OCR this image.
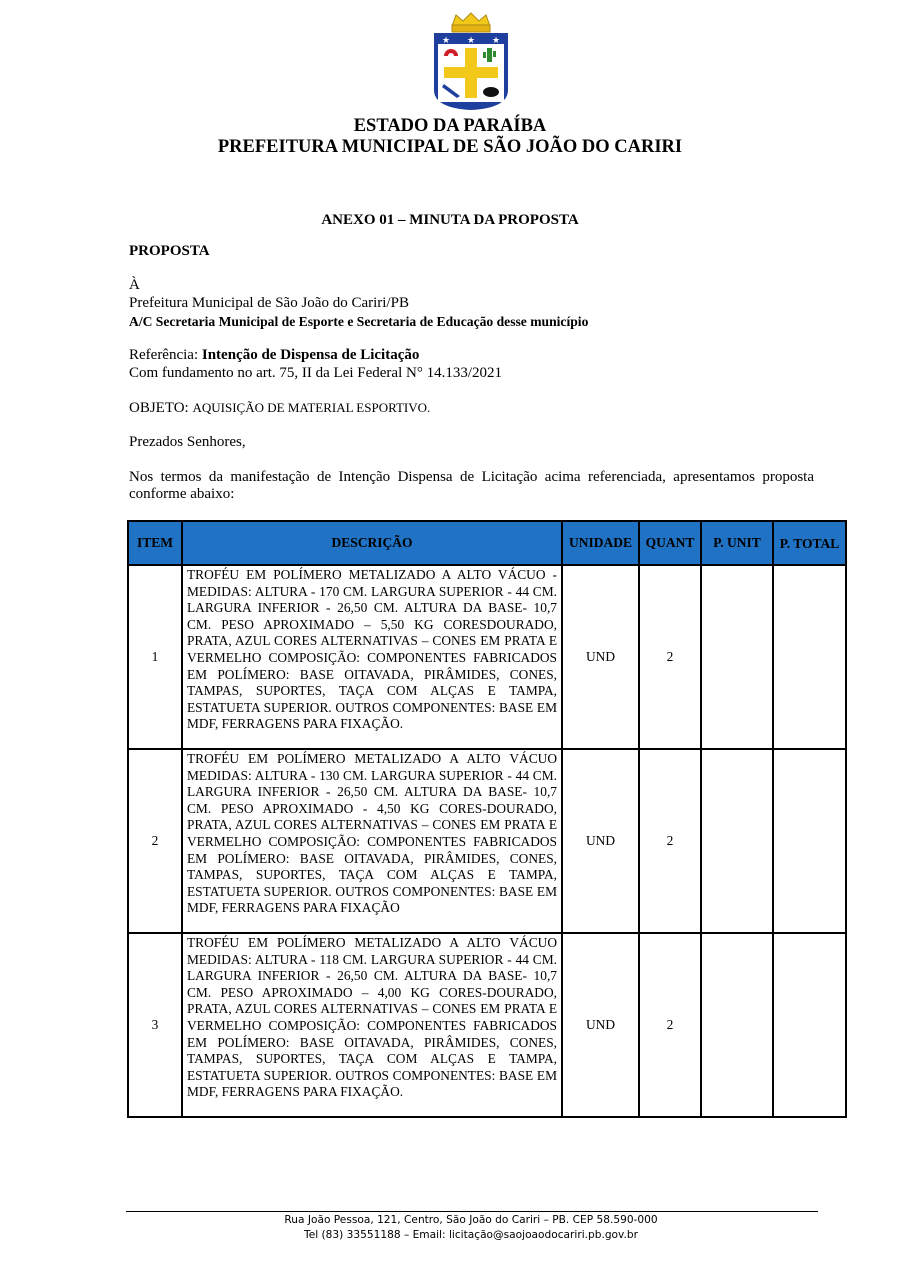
★ ★ ★
ESTADO DA PARAÍBA
PREFEITURA MUNICIPAL DE SÃO JOÃO DO CARIRI
ANEXO 01 – MINUTA DA PROPOSTA
PROPOSTA
À
Prefeitura Municipal de São João do Cariri/PB
A/C Secretaria Municipal de Esporte e Secretaria de Educação desse município
Referência: Intenção de Dispensa de Licitação
Com fundamento no art. 75, II da Lei Federal N° 14.133/2021
OBJETO: AQUISIÇÃO DE MATERIAL ESPORTIVO.
Prezados Senhores,
Nos termos da manifestação de Intenção Dispensa de Licitação acima referenciada, apresentamos proposta conforme abaixo:
ITEM	DESCRIÇÃO	UNIDADE	QUANT	P. UNIT	P. TOTAL
1	TROFÉU EM POLÍMERO METALIZADO A ALTO VÁCUO - MEDIDAS: ALTURA - 170 CM. LARGURA SUPERIOR - 44 CM. LARGURA INFERIOR - 26,50 CM. ALTURA DA BASE- 10,7 CM. PESO APROXIMADO – 5,50 KG CORESDOURADO, PRATA, AZUL CORES ALTERNATIVAS – CONES EM PRATA E VERMELHO COMPOSIÇÃO: COMPONENTES FABRICADOS EM POLÍMERO: BASE OITAVADA, PIRÂMIDES, CONES, TAMPAS, SUPORTES, TAÇA COM ALÇAS E TAMPA, ESTATUETA SUPERIOR. OUTROS COMPONENTES: BASE EM MDF, FERRAGENS PARA FIXAÇÃO.	UND	2		
2	TROFÉU EM POLÍMERO METALIZADO A ALTO VÁCUO MEDIDAS: ALTURA - 130 CM. LARGURA SUPERIOR - 44 CM. LARGURA INFERIOR - 26,50 CM. ALTURA DA BASE- 10,7 CM. PESO APROXIMADO - 4,50 KG CORES-DOURADO, PRATA, AZUL CORES ALTERNATIVAS – CONES EM PRATA E VERMELHO COMPOSIÇÃO: COMPONENTES FABRICADOS EM POLÍMERO: BASE OITAVADA, PIRÂMIDES, CONES, TAMPAS, SUPORTES, TAÇA COM ALÇAS E TAMPA, ESTATUETA SUPERIOR. OUTROS COMPONENTES: BASE EM MDF, FERRAGENS PARA FIXAÇÃO	UND	2		
3	TROFÉU EM POLÍMERO METALIZADO A ALTO VÁCUO MEDIDAS: ALTURA - 118 CM. LARGURA SUPERIOR - 44 CM. LARGURA INFERIOR - 26,50 CM. ALTURA DA BASE- 10,7 CM. PESO APROXIMADO – 4,00 KG CORES-DOURADO, PRATA, AZUL CORES ALTERNATIVAS – CONES EM PRATA E VERMELHO COMPOSIÇÃO: COMPONENTES FABRICADOS EM POLÍMERO: BASE OITAVADA, PIRÂMIDES, CONES, TAMPAS, SUPORTES, TAÇA COM ALÇAS E TAMPA, ESTATUETA SUPERIOR. OUTROS COMPONENTES: BASE EM MDF, FERRAGENS PARA FIXAÇÃO.	UND	2		
Rua João Pessoa, 121, Centro, São João do Cariri – PB. CEP 58.590-000
Tel (83) 33551188 – Email: licitação@saojoaodocariri.pb.gov.br
